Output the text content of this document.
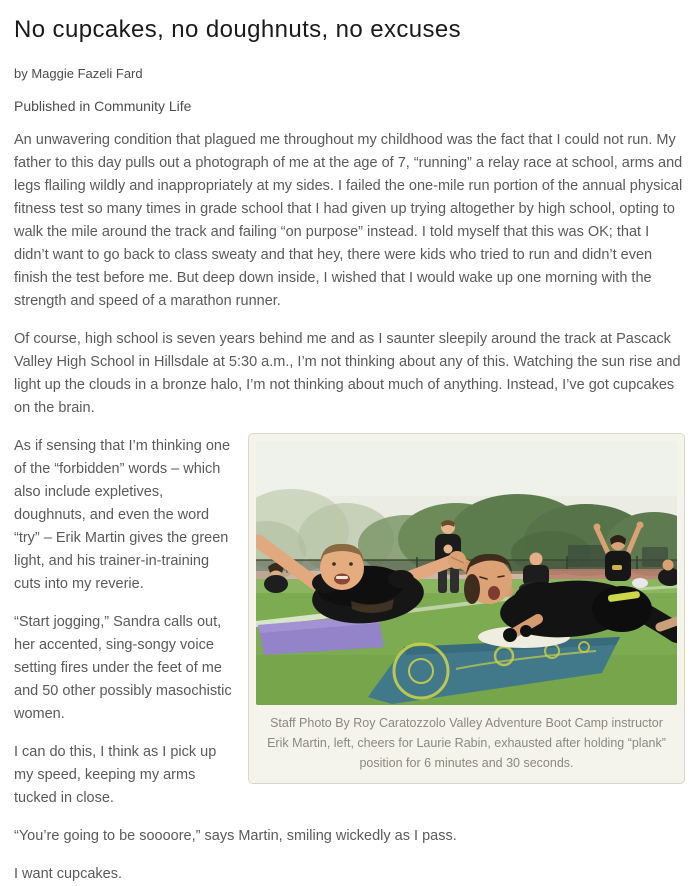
No cupcakes, no doughnuts, no excuses
by Maggie Fazeli Fard
Published in Community Life

An unwavering condition that plagued me throughout my childhood was the fact that I could not run. My father to this day pulls out a photograph of me at the age of 7, “running” a relay race at school, arms and legs flailing wildly and inappropriately at my sides. I failed the one-mile run portion of the annual physical fitness test so many times in grade school that I had given up trying altogether by high school, opting to walk the mile around the track and failing “on purpose” instead. I told myself that this was OK; that I didn’t want to go back to class sweaty and that hey, there were kids who tried to run and didn’t even finish the test before me. But deep down inside, I wished that I would wake up one morning with the strength and speed of a marathon runner.

Of course, high school is seven years behind me and as I saunter sleepily around the track at Pascack Valley High School in Hillsdale at 5:30 a.m., I’m not thinking about any of this. Watching the sun rise and light up the clouds in a bronze halo, I’m not thinking about much of anything. Instead, I’ve got cupcakes on the brain.

Staff Photo By Roy Caratozzolo Valley Adventure Boot Camp instructor Erik Martin, left, cheers for Laurie Rabin, exhausted after holding “plank” position for 6 minutes and 30 seconds.

As if sensing that I’m thinking one of the “forbidden” words – which also include expletives, doughnuts, and even the word “try” – Erik Martin gives the green light, and his trainer-in-training cuts into my reverie.

“Start jogging,” Sandra calls out, her accented, sing-songy voice setting fires under the feet of me and 50 other possibly masochistic women.

I can do this, I think as I pick up my speed, keeping my arms tucked in close.

“You’re going to be soooore,” says Martin, smiling wickedly as I pass.

I want cupcakes.
